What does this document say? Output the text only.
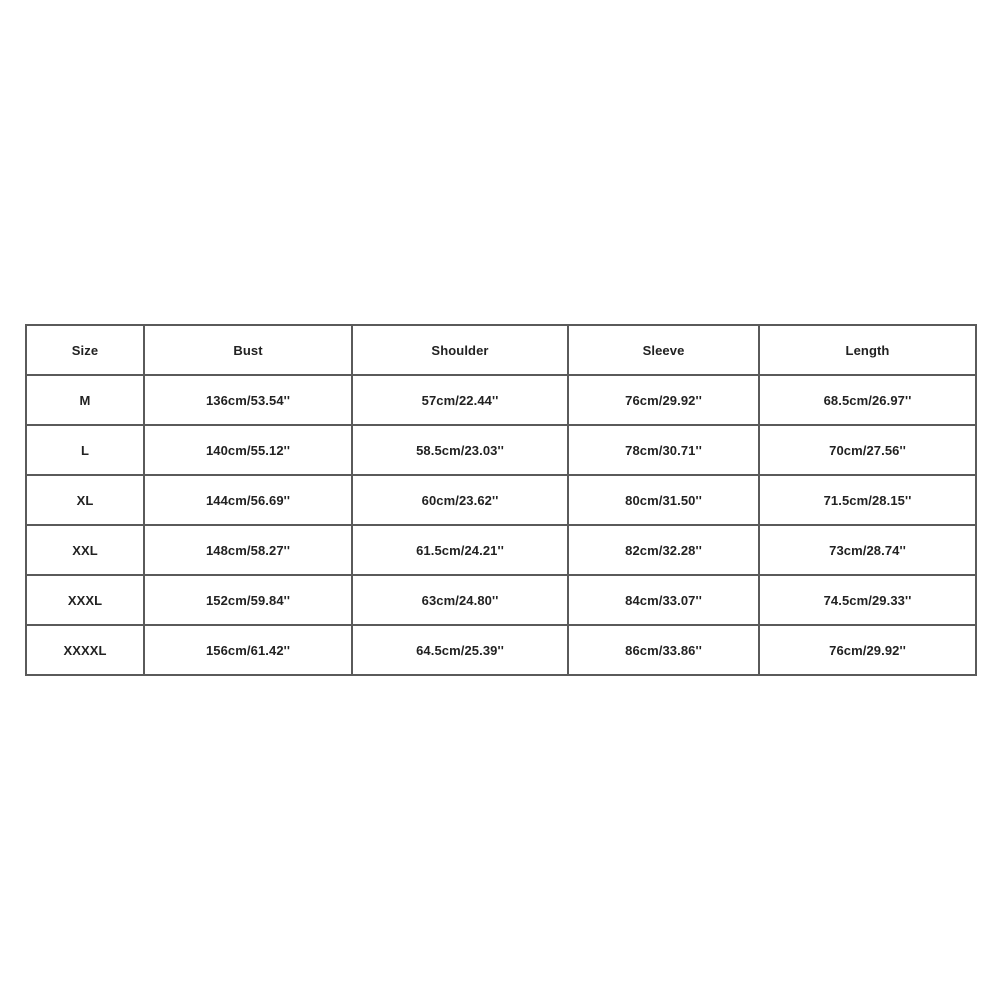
Size	Bust	Shoulder	Sleeve	Length
M	136cm/53.54''	57cm/22.44''	76cm/29.92''	68.5cm/26.97''
L	140cm/55.12''	58.5cm/23.03''	78cm/30.71''	70cm/27.56''
XL	144cm/56.69''	60cm/23.62''	80cm/31.50''	71.5cm/28.15''
XXL	148cm/58.27''	61.5cm/24.21''	82cm/32.28''	73cm/28.74''
XXXL	152cm/59.84''	63cm/24.80''	84cm/33.07''	74.5cm/29.33''
XXXXL	156cm/61.42''	64.5cm/25.39''	86cm/33.86''	76cm/29.92''
